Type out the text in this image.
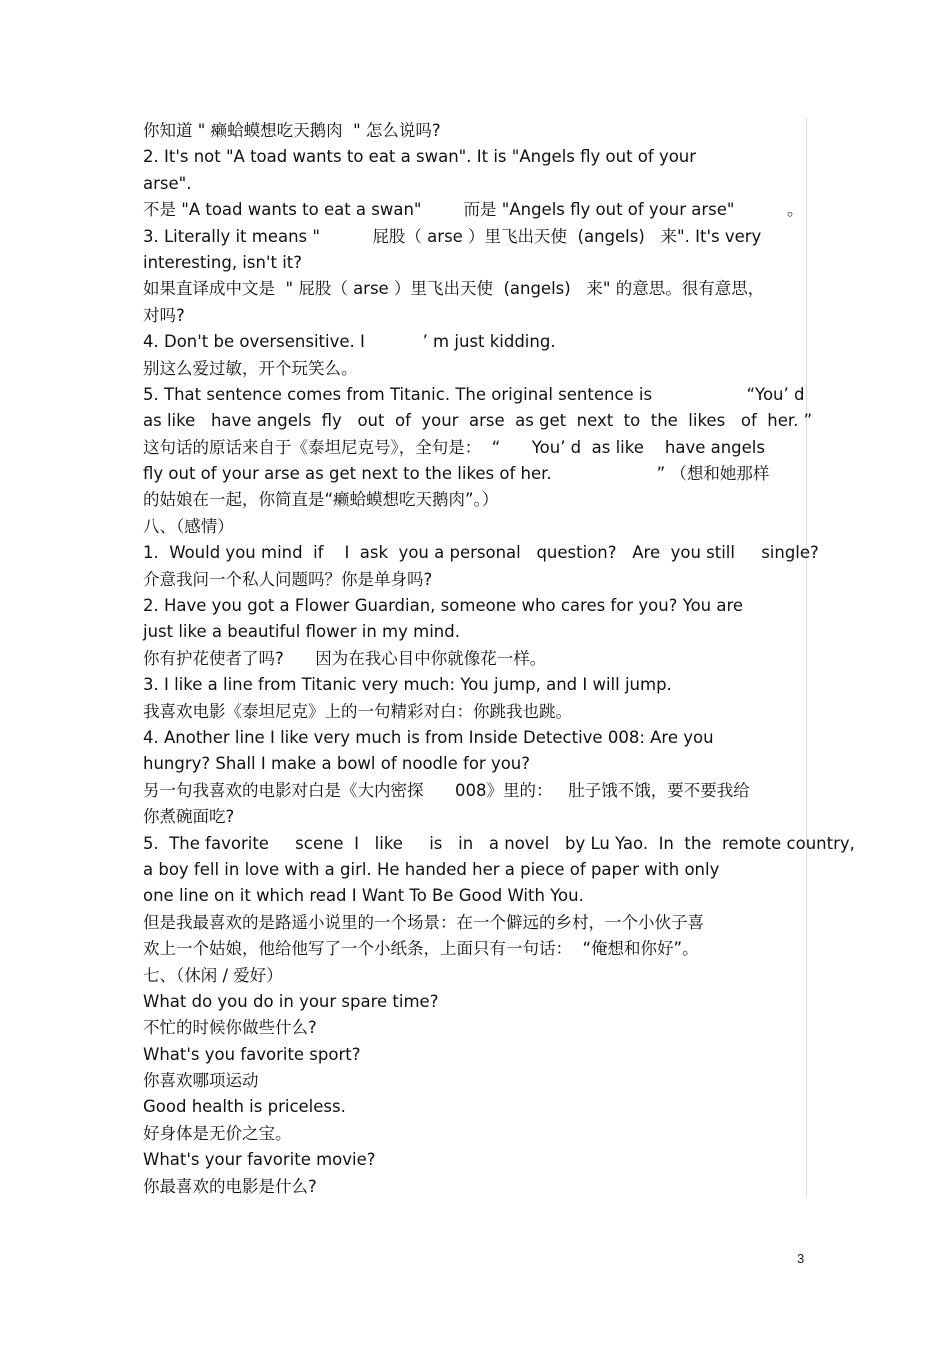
你知道 " 癞蛤蟆想吃天鹅肉  " 怎么说吗?
2. It's not "A toad wants to eat a swan". It is "Angels fly out of your
arse".
不是 "A toad wants to eat a swan"        而是 "Angels fly out of your arse"          。
3. Literally it means "          屁股（ arse ）里飞出天使  (angels)   来". It's very
interesting, isn't it?
如果直译成中文是  " 屁股（ arse ）里飞出天使  (angels)   来" 的意思。很有意思，
对吗?
4. Don't be oversensitive. I           ’ m just kidding.
别这么爱过敏，开个玩笑么。
5. That sentence comes from Titanic. The original sentence is                  “You’ d
as like   have angels  fly   out  of  your  arse  as get  next  to  the  likes   of  her. ”
这句话的原话来自于《泰坦尼克号》，全句是：  “      You’ d  as like    have angels
fly out of your arse as get next to the likes of her.                    ” （想和她那样
的姑娘在一起，你简直是“癞蛤蟆想吃天鹅肉”。）
八、（感情）
1.  Would you mind  if    I  ask  you a personal   question?   Are  you still     single?
介意我问一个私人问题吗？你是单身吗?
2. Have you got a Flower Guardian, someone who cares for you? You are
just like a beautiful flower in my mind.
你有护花使者了吗?      因为在我心目中你就像花一样。
3. I like a line from Titanic very much: You jump, and I will jump.
我喜欢电影《泰坦尼克》上的一句精彩对白：你跳我也跳。
4. Another line I like very much is from Inside Detective 008: Are you
hungry? Shall I make a bowl of noodle for you?
另一句我喜欢的电影对白是《大内密探      008》里的：   肚子饿不饿，要不要我给
你煮碗面吃?
5.  The favorite     scene  I   like     is   in   a novel   by Lu Yao.  In  the  remote country,
a boy fell in love with a girl. He handed her a piece of paper with only
one line on it which read I Want To Be Good With You.
但是我最喜欢的是路遥小说里的一个场景：在一个僻远的乡村，一个小伙子喜
欢上一个姑娘，他给他写了一个小纸条，上面只有一句话：  “俺想和你好”。
七、（休闲 / 爱好）
What do you do in your spare time?
不忙的时候你做些什么?
What's you favorite sport?
你喜欢哪项运动
Good health is priceless.
好身体是无价之宝。
What's your favorite movie?
你最喜欢的电影是什么?
3
